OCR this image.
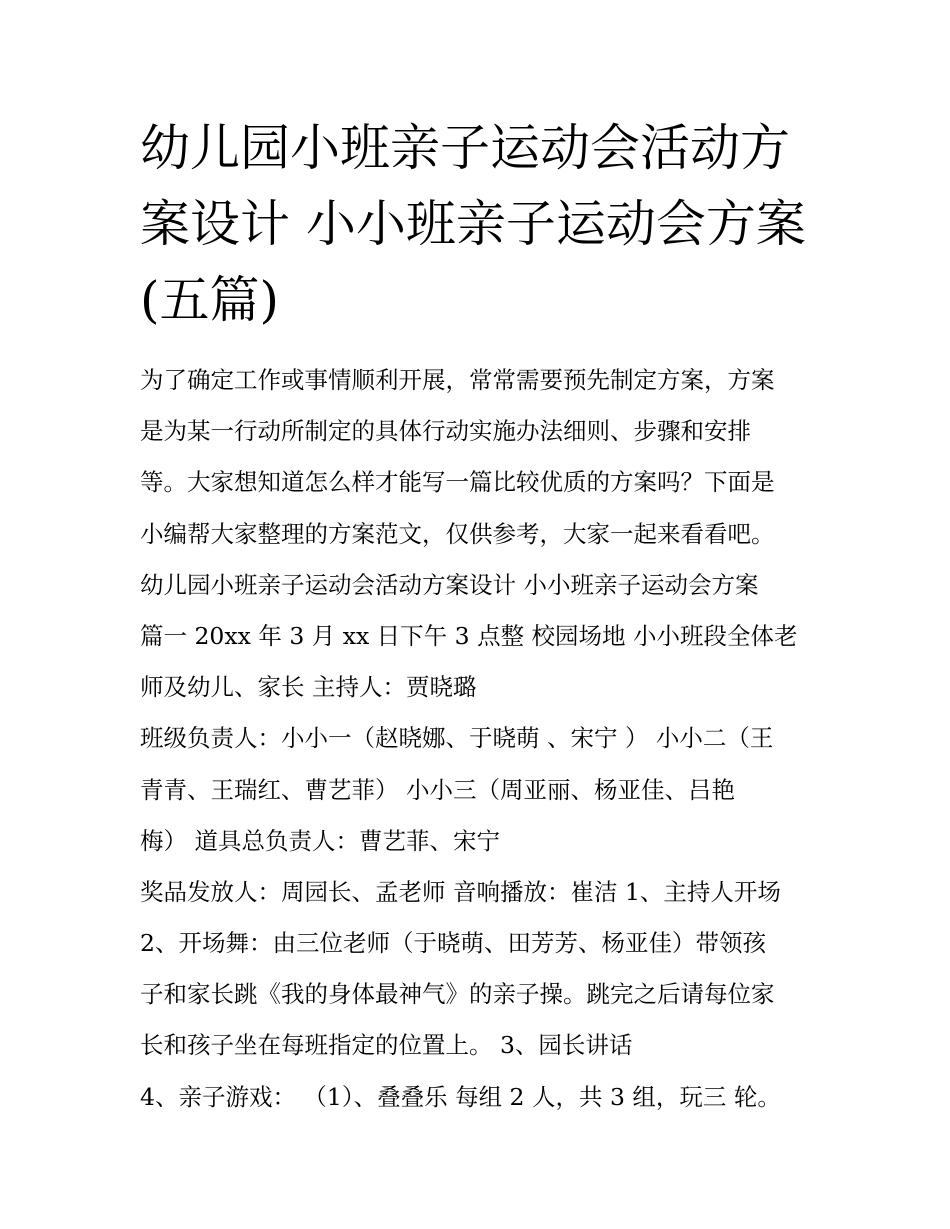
幼儿园小班亲子运动会活动方
案设计 小小班亲子运动会方案
(五篇)
为了确定工作或事情顺利开展，常常需要预先制定方案，方案
是为某一行动所制定的具体行动实施办法细则、步骤和安排
等。大家想知道怎么样才能写一篇比较优质的方案吗？下面是
小编帮大家整理的方案范文，仅供参考，大家一起来看看吧。
幼儿园小班亲子运动会活动方案设计 小小班亲子运动会方案
篇一 20xx 年 3 月 xx 日下午 3 点整 校园场地 小小班段全体老
师及幼儿、家长 主持人：贾晓璐
班级负责人：小小一（赵晓娜、于晓萌 、宋宁 ） 小小二（王
青青、王瑞红、曹艺菲） 小小三（周亚丽、杨亚佳、吕艳
梅） 道具总负责人：曹艺菲、宋宁
奖品发放人：周园长、孟老师 音响播放：崔洁 1、主持人开场
2、开场舞：由三位老师（于晓萌、田芳芳、杨亚佳）带领孩
子和家长跳《我的身体最神气》的亲子操。跳完之后请每位家
长和孩子坐在每班指定的位置上。 3、园长讲话
4、亲子游戏： （1）、叠叠乐 每组 2 人，共 3 组，玩三 轮。
